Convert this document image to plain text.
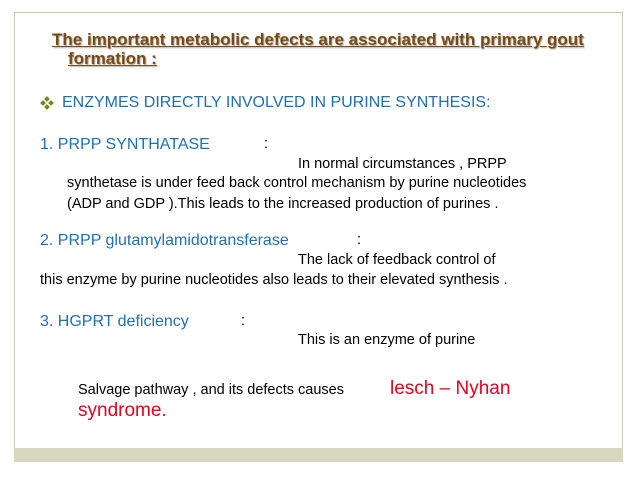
The important metabolic defects are associated with primary gout
formation :
ENZYMES DIRECTLY INVOLVED IN PURINE SYNTHESIS:
1. PRPP SYNTHATASE	:
In normal circumstances , PRPP
synthetase is under feed back control mechanism by purine nucleotides
(ADP and GDP ).This leads to the increased production of purines .
2. PRPP glutamylamidotransferase	:
The lack of feedback control of
this enzyme by purine nucleotides also leads to their elevated synthesis .
3. HGPRT deficiency	:
This is an enzyme of purine
Salvage pathway , and its defects causes lesch – Nyhan
syndrome.
